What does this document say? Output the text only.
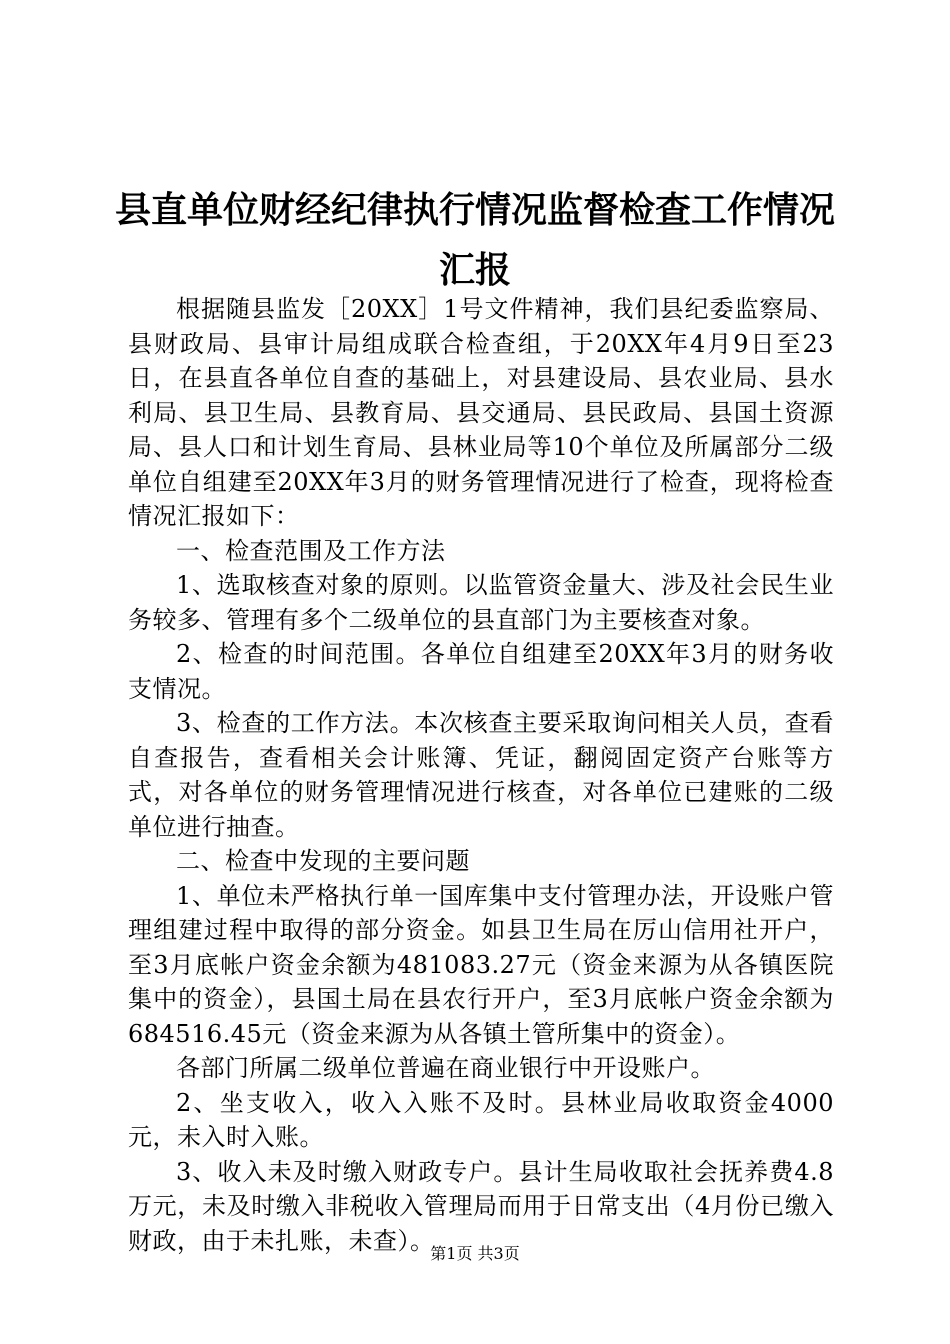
县直单位财经纪律执行情况监督检查工作情况
汇报

根据随县监发［20XX］1号文件精神，我们县纪委监察局、县财政局、县审计局组成联合检查组，于20XX年4月9日至23日，在县直各单位自查的基础上，对县建设局、县农业局、县水利局、县卫生局、县教育局、县交通局、县民政局、县国土资源局、县人口和计划生育局、县林业局等10个单位及所属部分二级单位自组建至20XX年3月的财务管理情况进行了检查，现将检查情况汇报如下：

一、检查范围及工作方法

1、选取核查对象的原则。以监管资金量大、涉及社会民生业务较多、管理有多个二级单位的县直部门为主要核查对象。

2、检查的时间范围。各单位自组建至20XX年3月的财务收支情况。

3、检查的工作方法。本次核查主要采取询问相关人员，查看自查报告，查看相关会计账簿、凭证，翻阅固定资产台账等方式，对各单位的财务管理情况进行核查，对各单位已建账的二级单位进行抽查。

二、检查中发现的主要问题

1、单位未严格执行单一国库集中支付管理办法，开设账户管理组建过程中取得的部分资金。如县卫生局在厉山信用社开户，至3月底帐户资金余额为481083.27元（资金来源为从各镇医院集中的资金），县国土局在县农行开户，至3月底帐户资金余额为684516.45元（资金来源为从各镇土管所集中的资金）。

各部门所属二级单位普遍在商业银行中开设账户。

2、坐支收入，收入入账不及时。县林业局收取资金4000元，未入时入账。

3、收入未及时缴入财政专户。县计生局收取社会抚养费4.8万元，未及时缴入非税收入管理局而用于日常支出（4月份已缴入财政，由于未扎账，未查）。

第1页 共3页
